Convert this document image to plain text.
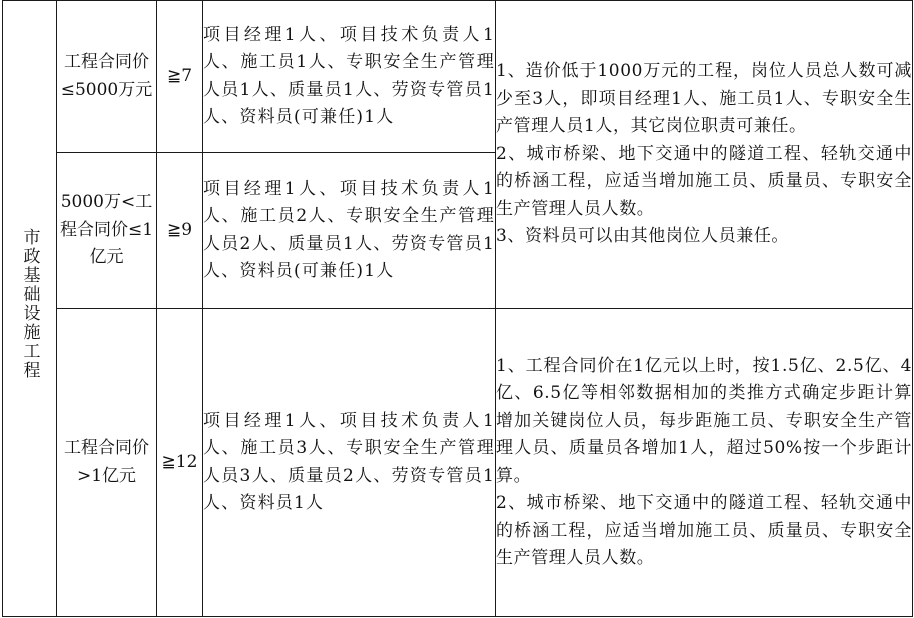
市政基础设施工程	工程合同价≤5000万元	≧7	项目经理1人、项目技术负责人1人、施工员1人、专职安全生产管理人员1人、质量员1人、劳资专管员1人、资料员(可兼任)1人	1、造价低于1000万元的工程，岗位人员总人数可减少至3人，即项目经理1人、施工员1人、专职安全生产管理人员1人，其它岗位职责可兼任。
2、城市桥梁、地下交通中的隧道工程、轻轨交通中的桥涵工程，应适当增加施工员、质量员、专职安全生产管理人员人数。
3、资料员可以由其他岗位人员兼任。

	5000万<工程合同价≤1亿元	≧9	项目经理1人、项目技术负责人1人、施工员2人、专职安全生产管理人员2人、质量员1人、劳资专管员1人、资料员(可兼任)1人	
	工程合同价>1亿元	≧12	项目经理1人、项目技术负责人1人、施工员3人、专职安全生产管理人员3人、质量员2人、劳资专管员1人、资料员1人	1、工程合同价在1亿元以上时，按1.5亿、2.5亿、4亿、6.5亿等相邻数据相加的类推方式确定步距计算增加关键岗位人员，每步距施工员、专职安全生产管理人员、质量员各增加1人，超过50%按一个步距计算。
2、城市桥梁、地下交通中的隧道工程、轻轨交通中的桥涵工程，应适当增加施工员、质量员、专职安全生产管理人员人数。
